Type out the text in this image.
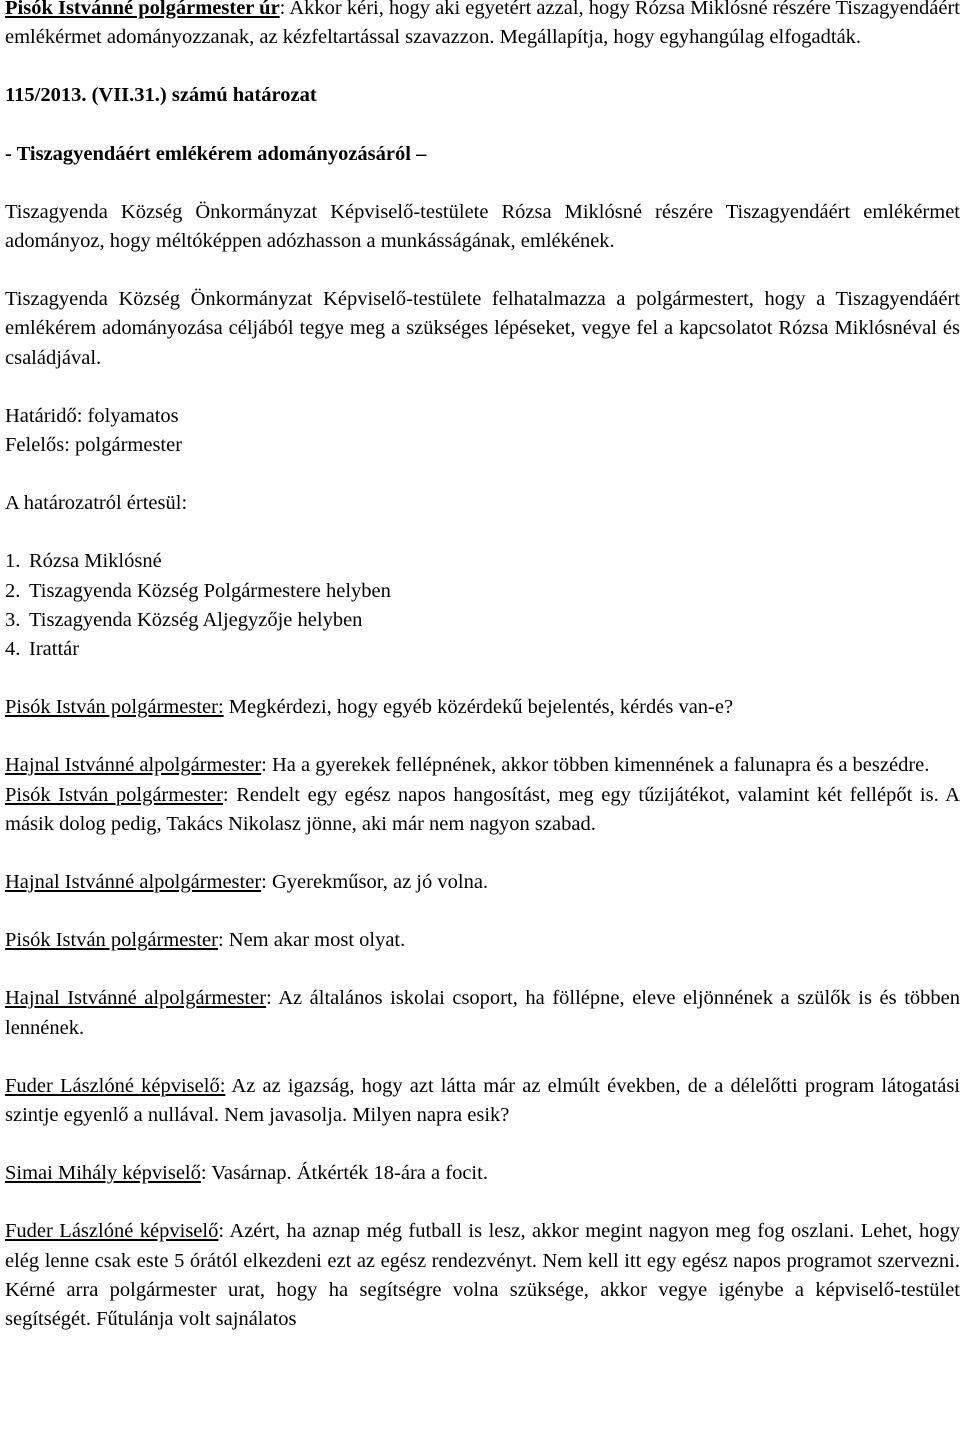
Pisók Istvánné polgármester úr: Akkor kéri, hogy aki egyetért azzal, hogy Rózsa Miklósné részére Tiszagyendáért emlékérmet adományozzanak, az kézfeltartással szavazzon. Megállapítja, hogy egyhangúlag elfogadták.

115/2013. (VII.31.) számú határozat

- Tiszagyendáért emlékérem adományozásáról –

Tiszagyenda Község Önkormányzat Képviselő-testülete Rózsa Miklósné részére Tiszagyendáért emlékérmet adományoz, hogy méltóképpen adózhasson a munkásságának, emlékének.

Tiszagyenda Község Önkormányzat Képviselő-testülete felhatalmazza a polgármestert, hogy a Tiszagyendáért emlékérem adományozása céljából tegye meg a szükséges lépéseket, vegye fel a kapcsolatot Rózsa Miklósnéval és családjával.

Határidő: folyamatos

Felelős: polgármester

A határozatról értesül:

1. Rózsa Miklósné
2. Tiszagyenda Község Polgármestere helyben
3. Tiszagyenda Község Aljegyzője helyben
4. Irattár

Pisók István polgármester: Megkérdezi, hogy egyéb közérdekű bejelentés, kérdés van-e?

Hajnal Istvánné alpolgármester: Ha a gyerekek fellépnének, akkor többen kimennének a falunapra és a beszédre.

Pisók István polgármester: Rendelt egy egész napos hangosítást, meg egy tűzijátékot, valamint két fellépőt is. A másik dolog pedig, Takács Nikolasz jönne, aki már nem nagyon szabad.

Hajnal Istvánné alpolgármester: Gyerekműsor, az jó volna.

Pisók István polgármester: Nem akar most olyat.

Hajnal Istvánné alpolgármester: Az általános iskolai csoport, ha föllépne, eleve eljönnének a szülők is és többen lennének.

Fuder Lászlóné képviselő: Az az igazság, hogy azt látta már az elmúlt években, de a délelőtti program látogatási szintje egyenlő a nullával. Nem javasolja. Milyen napra esik?

Simai Mihály képviselő: Vasárnap. Átkérték 18-ára a focit.

Fuder Lászlóné képviselő: Azért, ha aznap még futball is lesz, akkor megint nagyon meg fog oszlani. Lehet, hogy elég lenne csak este 5 órától elkezdeni ezt az egész rendezvényt. Nem kell itt egy egész napos programot szervezni. Kérné arra polgármester urat, hogy ha segítségre volna szüksége, akkor vegye igénybe a képviselő-testület segítségét. Fűtulánja volt sajnálatos
